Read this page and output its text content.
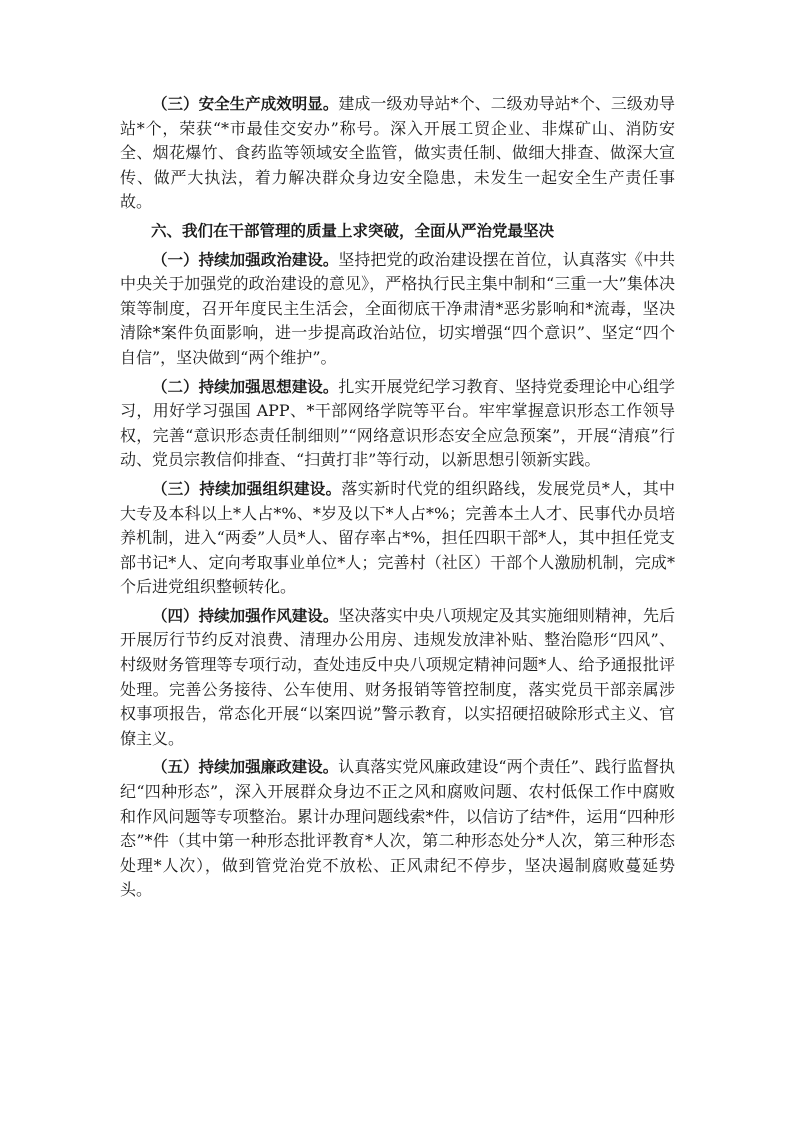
（三）安全生产成效明显。建成一级劝导站*个、二级劝导站*个、三级劝导站*个，荣获“*市最佳交安办”称号。深入开展工贸企业、非煤矿山、消防安全、烟花爆竹、食药监等领域安全监管，做实责任制、做细大排查、做深大宣传、做严大执法，着力解决群众身边安全隐患，未发生一起安全生产责任事故。

六、我们在干部管理的质量上求突破，全面从严治党最坚决

（一）持续加强政治建设。坚持把党的政治建设摆在首位，认真落实《中共中央关于加强党的政治建设的意见》，严格执行民主集中制和“三重一大”集体决策等制度，召开年度民主生活会，全面彻底干净肃清*恶劣影响和*流毒，坚决清除*案件负面影响，进一步提高政治站位，切实增强“四个意识”、坚定“四个自信”，坚决做到“两个维护”。

（二）持续加强思想建设。扎实开展党纪学习教育、坚持党委理论中心组学习，用好学习强国 APP、*干部网络学院等平台。牢牢掌握意识形态工作领导权，完善“意识形态责任制细则”“网络意识形态安全应急预案”，开展“清痕”行动、党员宗教信仰排查、“扫黄打非”等行动，以新思想引领新实践。

（三）持续加强组织建设。落实新时代党的组织路线，发展党员*人，其中大专及本科以上*人占*%、*岁及以下*人占*%；完善本土人才、民事代办员培养机制，进入“两委”人员*人、留存率占*%，担任四职干部*人，其中担任党支部书记*人、定向考取事业单位*人；完善村（社区）干部个人激励机制，完成*个后进党组织整顿转化。

（四）持续加强作风建设。坚决落实中央八项规定及其实施细则精神，先后开展厉行节约反对浪费、清理办公用房、违规发放津补贴、整治隐形“四风”、村级财务管理等专项行动，查处违反中央八项规定精神问题*人、给予通报批评处理。完善公务接待、公车使用、财务报销等管控制度，落实党员干部亲属涉权事项报告，常态化开展“以案四说”警示教育，以实招硬招破除形式主义、官僚主义。

（五）持续加强廉政建设。认真落实党风廉政建设“两个责任”、践行监督执纪“四种形态”，深入开展群众身边不正之风和腐败问题、农村低保工作中腐败和作风问题等专项整治。累计办理问题线索*件，以信访了结*件，运用“四种形态”*件（其中第一种形态批评教育*人次，第二种形态处分*人次，第三种形态处理*人次），做到管党治党不放松、正风肃纪不停步，坚决遏制腐败蔓延势头。
